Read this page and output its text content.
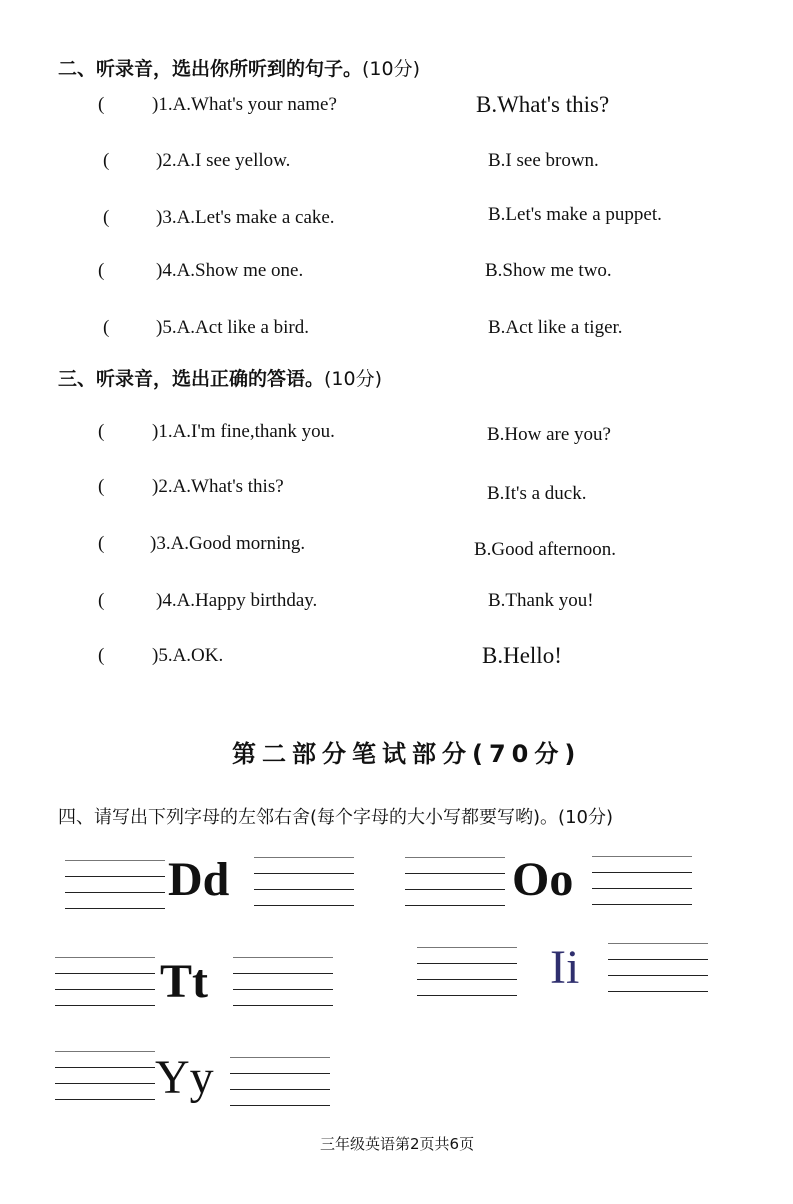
二、听录音，选出你所听到的句子。(10分)
(	)1.A.What's your name?	B.What's this?
( )2.A.I see yellow.	B.I see brown.
( )3.A.Let's make a cake.	B.Let's make a puppet.
(	)4.A.Show me one.	B.Show me two.
( )5.A.Act like a bird.	B.Act like a tiger.
三、听录音，选出正确的答语。(10分)
(	)1.A.I'm fine,thank you.	B.How are you?
(	)2.A.What's this?	B.It's a duck.
( )3.A.Good morning.	B.Good afternoon.
(	)4.A.Happy birthday.	B.Thank you!
(	)5.A.OK.	B.Hello!
第二部分笔试部分(70分)
四、请写出下列字母的左邻右舍(每个字母的大小写都要写哟)。(10分)
Dd	Oo
Tt	Ii
Yy
三年级英语第2页共6页
